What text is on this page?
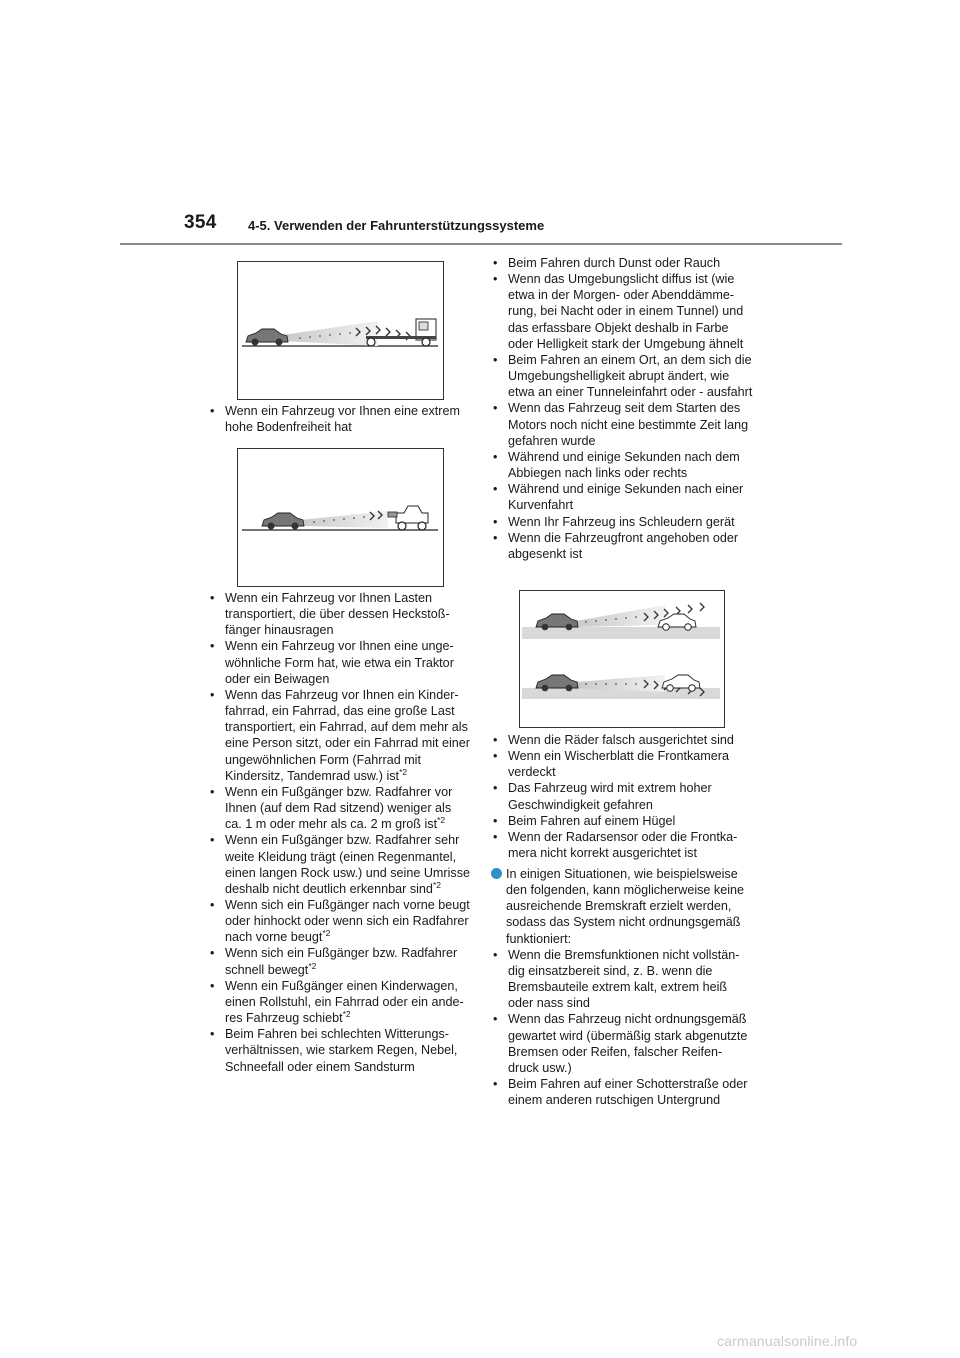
354 4-5. Verwenden der Fahrunterstützungssysteme
• Wenn ein Fahrzeug vor Ihnen eine extrem hohe Bodenfreiheit hat
• Wenn ein Fahrzeug vor Ihnen Lasten transportiert, die über dessen Heckstoß- fänger hinausragen
• Wenn ein Fahrzeug vor Ihnen eine unge- wöhnliche Form hat, wie etwa ein Traktor oder ein Beiwagen
• Wenn das Fahrzeug vor Ihnen ein Kinder- fahrrad, ein Fahrrad, das eine große Last transportiert, ein Fahrrad, auf dem mehr als eine Person sitzt, oder ein Fahrrad mit einer ungewöhnlichen Form (Fahrrad mit Kindersitz, Tandemrad usw.) ist$^{*2}$
• Wenn ein Fußgänger bzw. Radfahrer vor Ihnen (auf dem Rad sitzend) weniger als ca. 1 m oder mehr als ca. 2 m groß ist$^{*2}$
• Wenn ein Fußgänger bzw. Radfahrer sehr weite Kleidung trägt (einen Regenmantel, einen langen Rock usw.) und seine Umrisse deshalb nicht deutlich erkennbar sind$^{*2}$
• Wenn sich ein Fußgänger nach vorne beugt oder hinhockt oder wenn sich ein Radfahrer nach vorne beugt$^{*2}$
• Wenn sich ein Fußgänger bzw. Radfahrer schnell bewegt$^{*2}$
• Wenn ein Fußgänger einen Kinderwagen, einen Rollstuhl, ein Fahrrad oder ein ande- res Fahrzeug schiebt$^{*2}$
• Beim Fahren bei schlechten Witterungs- verhältnissen, wie starkem Regen, Nebel, Schneefall oder einem Sandsturm
• Beim Fahren durch Dunst oder Rauch
• Wenn das Umgebungslicht diffus ist (wie etwa in der Morgen- oder Abenddämme- rung, bei Nacht oder in einem Tunnel) und das erfassbare Objekt deshalb in Farbe oder Helligkeit stark der Umgebung ähnelt
• Beim Fahren an einem Ort, an dem sich die Umgebungshelligkeit abrupt ändert, wie etwa an einer Tunneleinfahrt oder - ausfahrt
• Wenn das Fahrzeug seit dem Starten des Motors noch nicht eine bestimmte Zeit lang gefahren wurde
• Während und einige Sekunden nach dem Abbiegen nach links oder rechts
• Während und einige Sekunden nach einer Kurvenfahrt
• Wenn Ihr Fahrzeug ins Schleudern gerät
• Wenn die Fahrzeugfront angehoben oder abgesenkt ist
• Wenn die Räder falsch ausgerichtet sind
• Wenn ein Wischerblatt die Frontkamera verdeckt
• Das Fahrzeug wird mit extrem hoher Geschwindigkeit gefahren
• Beim Fahren auf einem Hügel
• Wenn der Radarsensor oder die Frontka- mera nicht korrekt ausgerichtet ist
In einigen Situationen, wie beispielsweise den folgenden, kann möglicherweise keine ausreichende Bremskraft erzielt werden, sodass das System nicht ordnungsgemäß funktioniert:
• Wenn die Bremsfunktionen nicht vollstän- dig einsatzbereit sind, z. B. wenn die Bremsbauteile extrem kalt, extrem heiß oder nass sind
• Wenn das Fahrzeug nicht ordnungsgemäß gewartet wird (übermäßig stark abgenutzte Bremsen oder Reifen, falscher Reifen- druck usw.)
• Beim Fahren auf einer Schotterstraße oder einem anderen rutschigen Untergrund
carmanualsonline.info
